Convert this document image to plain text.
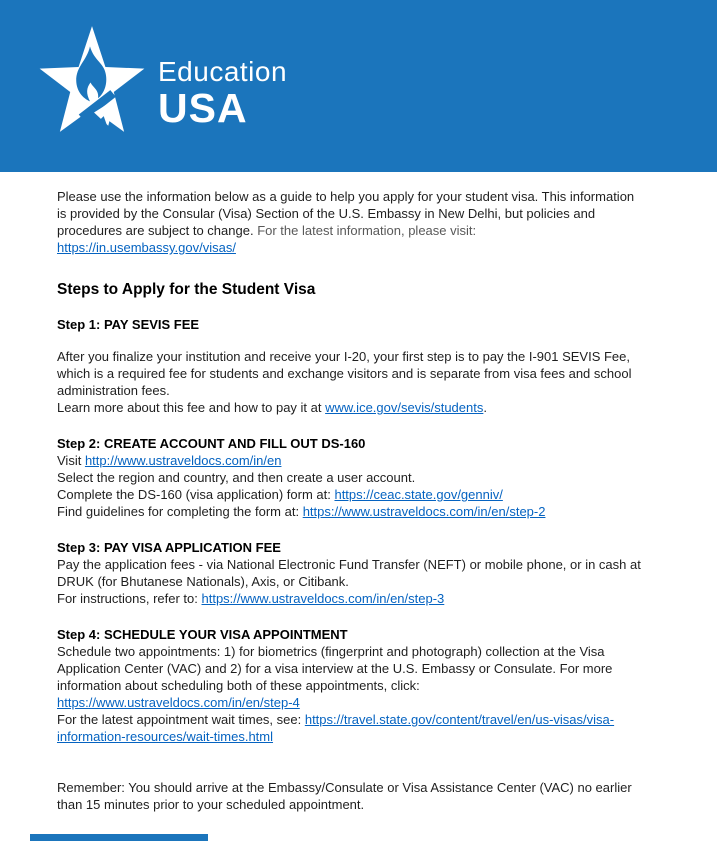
Education
USA

Please use the information below as a guide to help you apply for your student visa. This information is provided by the Consular (Visa) Section of the U.S. Embassy in New Delhi, but policies and procedures are subject to change. For the latest information, please visit: https://in.usembassy.gov/visas/

Steps to Apply for the Student Visa
Step 1: PAY SEVIS FEE

After you finalize your institution and receive your I-20, your first step is to pay the I-901 SEVIS Fee, which is a required fee for students and exchange visitors and is separate from visa fees and school administration fees.

Learn more about this fee and how to pay it at www.ice.gov/sevis/students.

Step 2: CREATE ACCOUNT AND FILL OUT DS-160

Visit http://www.ustraveldocs.com/in/en

Select the region and country, and then create a user account.

Complete the DS-160 (visa application) form at: https://ceac.state.gov/genniv/

Find guidelines for completing the form at: https://www.ustraveldocs.com/in/en/step-2

Step 3: PAY VISA APPLICATION FEE

Pay the application fees - via National Electronic Fund Transfer (NEFT) or mobile phone, or in cash at DRUK (for Bhutanese Nationals), Axis, or Citibank.

For instructions, refer to: https://www.ustraveldocs.com/in/en/step-3

Step 4: SCHEDULE YOUR VISA APPOINTMENT

Schedule two appointments: 1) for biometrics (fingerprint and photograph) collection at the Visa Application Center (VAC) and 2) for a visa interview at the U.S. Embassy or Consulate. For more information about scheduling both of these appointments, click:

https://www.ustraveldocs.com/in/en/step-4

For the latest appointment wait times, see: https://travel.state.gov/content/travel/en/us-visas/visa-information-resources/wait-times.html

Remember: You should arrive at the Embassy/Consulate or Visa Assistance Center (VAC) no earlier than 15 minutes prior to your scheduled appointment.
